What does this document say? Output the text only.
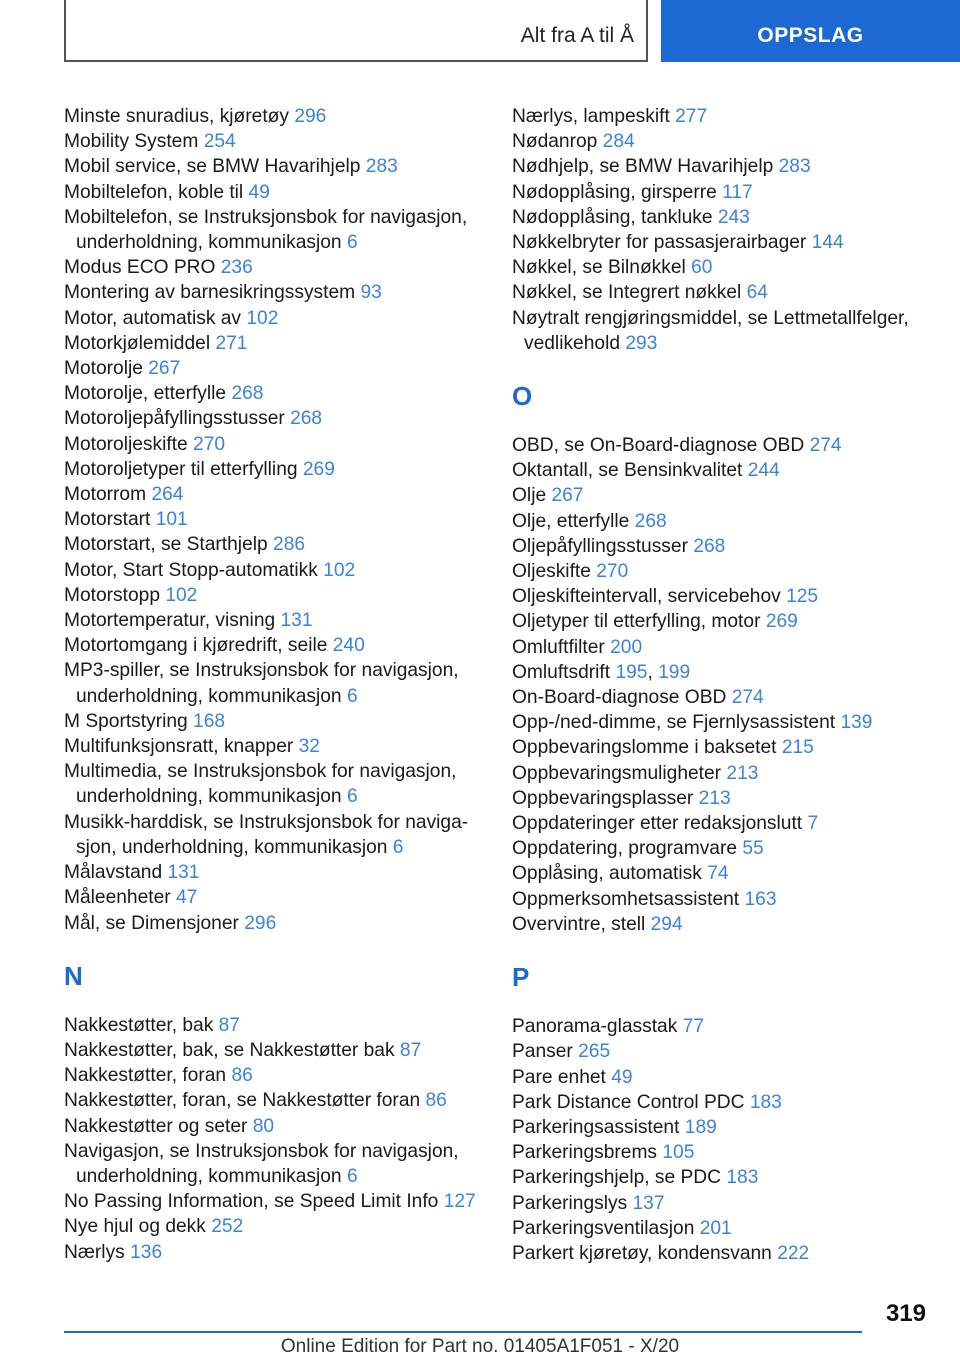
Alt fra A til Å	OPPSLAG
Minste snuradius, kjøretøy 296
Mobility System 254
Mobil service, se BMW Havarihjelp 283
Mobiltelefon, koble til 49
Mobiltelefon, se Instruksjonsbok for navigasjon, underholdning, kommunikasjon 6
Modus ECO PRO 236
Montering av barnesikringssystem 93
Motor, automatisk av 102
Motorkjølemiddel 271
Motorolje 267
Motorolje, etterfylle 268
Motoroljepåfyllingsstusser 268
Motoroljeskifte 270
Motoroljetyper til etterfylling 269
Motorrom 264
Motorstart 101
Motorstart, se Starthjelp 286
Motor, Start Stopp-automatikk 102
Motorstopp 102
Motortemperatur, visning 131
Motortomgang i kjøredrift, seile 240
MP3-spiller, se Instruksjonsbok for navigasjon, underholdning, kommunikasjon 6
M Sportstyring 168
Multifunksjonsratt, knapper 32
Multimedia, se Instruksjonsbok for navigasjon, underholdning, kommunikasjon 6
Musikk-harddisk, se Instruksjonsbok for navigasjon, underholdning, kommunikasjon 6
Målavstand 131
Måleenheter 47
Mål, se Dimensjoner 296
N
Nakkestøtter, bak 87
Nakkestøtter, bak, se Nakkestøtter bak 87
Nakkestøtter, foran 86
Nakkestøtter, foran, se Nakkestøtter foran 86
Nakkestøtter og seter 80
Navigasjon, se Instruksjonsbok for navigasjon, underholdning, kommunikasjon 6
No Passing Information, se Speed Limit Info 127
Nye hjul og dekk 252
Nærlys 136
Nærlys, lampeskift 277
Nødanrop 284
Nødhjelp, se BMW Havarihjelp 283
Nødopplåsing, girsperre 117
Nødopplåsing, tankluke 243
Nøkkelbryter for passasjerairbager 144
Nøkkel, se Bilnøkkel 60
Nøkkel, se Integrert nøkkel 64
Nøytralt rengjøringsmiddel, se Lettmetallfelger, vedlikehold 293
O
OBD, se On-Board-diagnose OBD 274
Oktantall, se Bensinkvalitet 244
Olje 267
Olje, etterfylle 268
Oljepåfyllingsstusser 268
Oljeskifte 270
Oljeskifteintervall, servicebehov 125
Oljetyper til etterfylling, motor 269
Omluftfilter 200
Omluftsdrift 195, 199
On-Board-diagnose OBD 274
Opp-/ned-dimme, se Fjernlysassistent 139
Oppbevaringslomme i baksetet 215
Oppbevaringsmuligheter 213
Oppbevaringsplasser 213
Oppdateringer etter redaksjonslutt 7
Oppdatering, programvare 55
Opplåsing, automatisk 74
Oppmerksomhetsassistent 163
Overvintre, stell 294
P
Panorama-glasstak 77
Panser 265
Pare enhet 49
Park Distance Control PDC 183
Parkeringsassistent 189
Parkeringsbrems 105
Parkeringshjelp, se PDC 183
Parkeringslys 137
Parkeringsventilasjon 201
Parkert kjøretøy, kondensvann 222
319
Online Edition for Part no. 01405A1F051 - X/20
